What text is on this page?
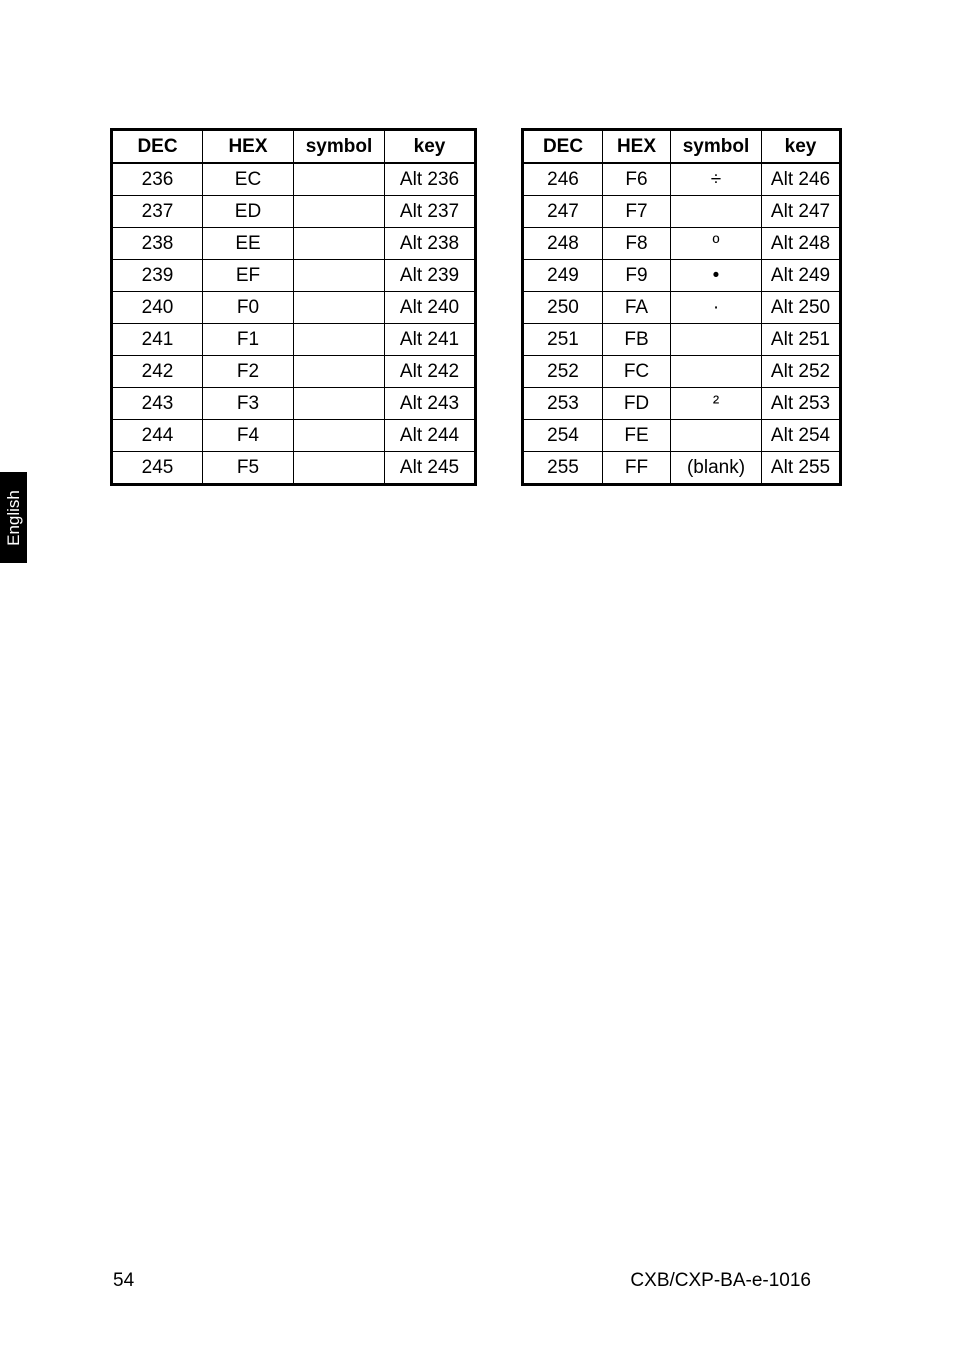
English
DEC	HEX	symbol	key
236	EC		Alt 236
237	ED		Alt 237
238	EE		Alt 238
239	EF		Alt 239
240	F0		Alt 240
241	F1		Alt 241
242	F2		Alt 242
243	F3		Alt 243
244	F4		Alt 244
245	F5		Alt 245
DEC	HEX	symbol	key
246	F6	÷	Alt 246
247	F7		Alt 247
248	F8	º	Alt 248
249	F9	•	Alt 249
250	FA	·	Alt 250
251	FB		Alt 251
252	FC		Alt 252
253	FD	²	Alt 253
254	FE		Alt 254
255	FF	(blank)	Alt 255
54	CXB/CXP-BA-e-1016
